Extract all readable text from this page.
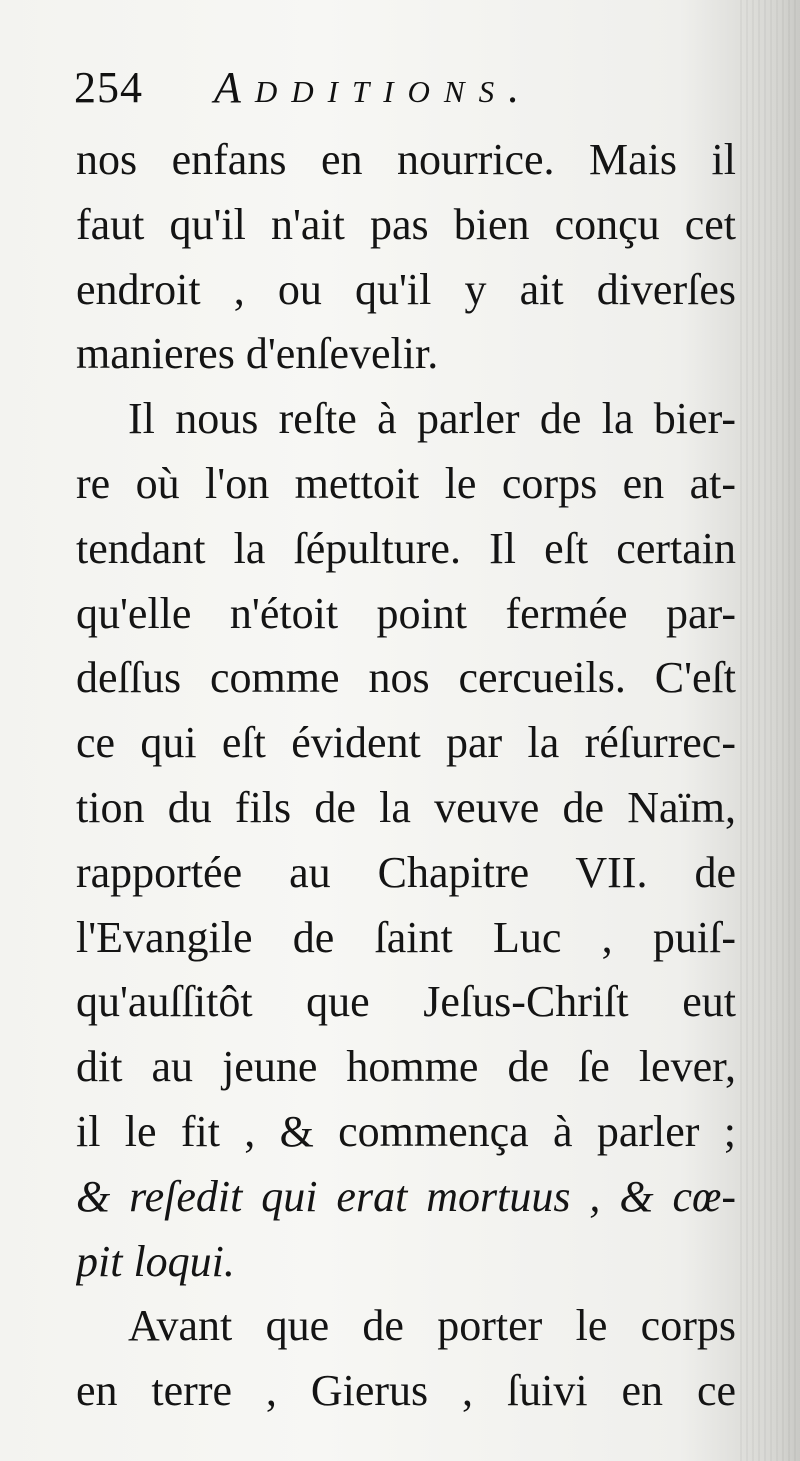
254 Additions.
nos enfans en nourrice. Mais il
faut qu'il n'ait pas bien conçu cet
endroit , ou qu'il y ait diverſes
manieres d'enſevelir.
Il nous reſte à parler de la bier-
re où l'on mettoit le corps en at-
tendant la ſépulture. Il eſt certain
qu'elle n'étoit point fermée par-
deſſus comme nos cercueils. C'eſt
ce qui eſt évident par la réſurrec-
tion du fils de la veuve de Naïm,
rapportée au Chapitre VII. de
l'Evangile de ſaint Luc , puiſ-
qu'auſſitôt que Jeſus-Chriſt eut
dit au jeune homme de ſe lever,
il le fit , & commença à parler ;
& reſedit qui erat mortuus , & cœ-
pit loqui.
Avant que de porter le corps
en terre , Gierus , ſuivi en ce
